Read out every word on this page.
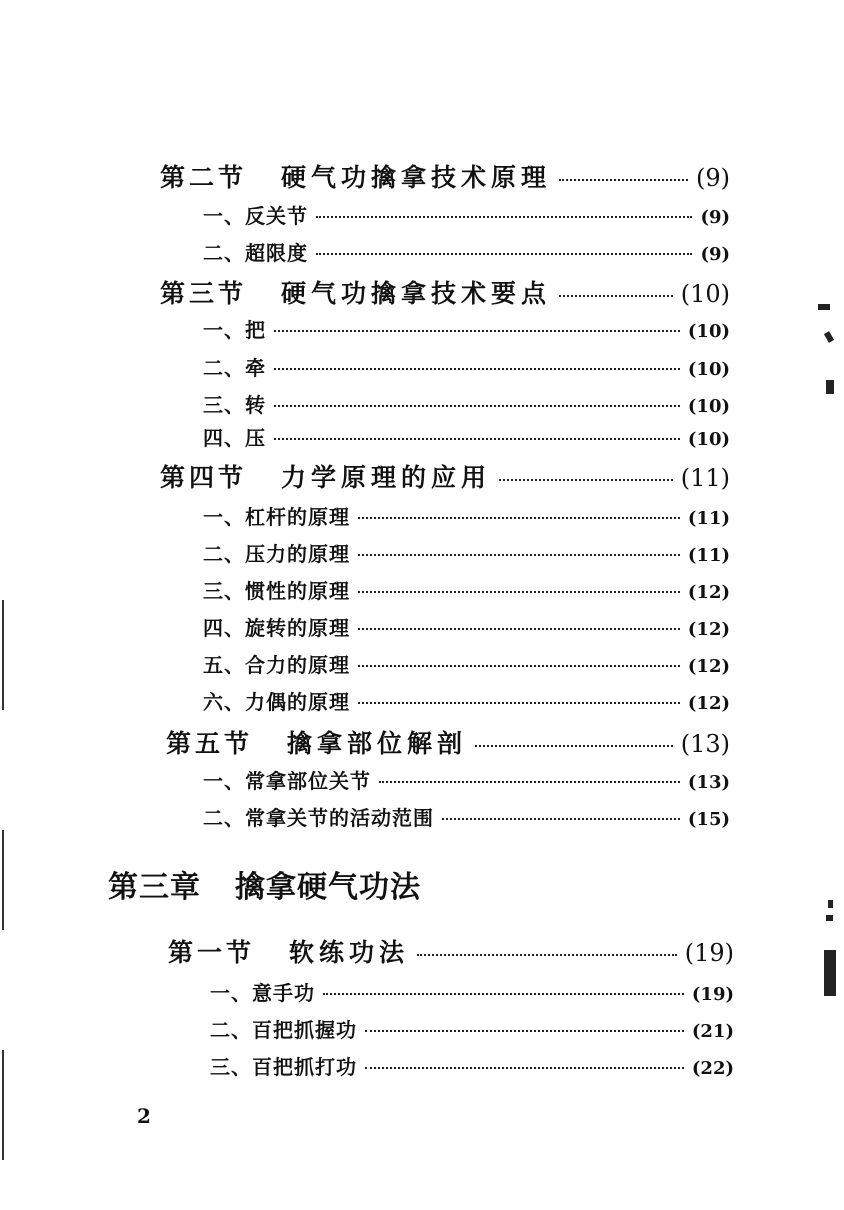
第二节 硬气功擒拿技术原理	(9)
一、反关节	(9)
二、超限度	(9)
第三节 硬气功擒拿技术要点	(10)
一、把	(10)
二、牵	(10)
三、转	(10)
四、压	(10)
第四节 力学原理的应用	(11)
一、杠杆的原理	(11)
二、压力的原理	(11)
三、惯性的原理	(12)
四、旋转的原理	(12)
五、合力的原理	(12)
六、力偶的原理	(12)
第五节 擒拿部位解剖	(13)
一、常拿部位关节	(13)
二、常拿关节的活动范围	(15)
第三章 擒拿硬气功法
第一节 软练功法	(19)
一、意手功	(19)
二、百把抓握功	(21)
三、百把抓打功	(22)
2
